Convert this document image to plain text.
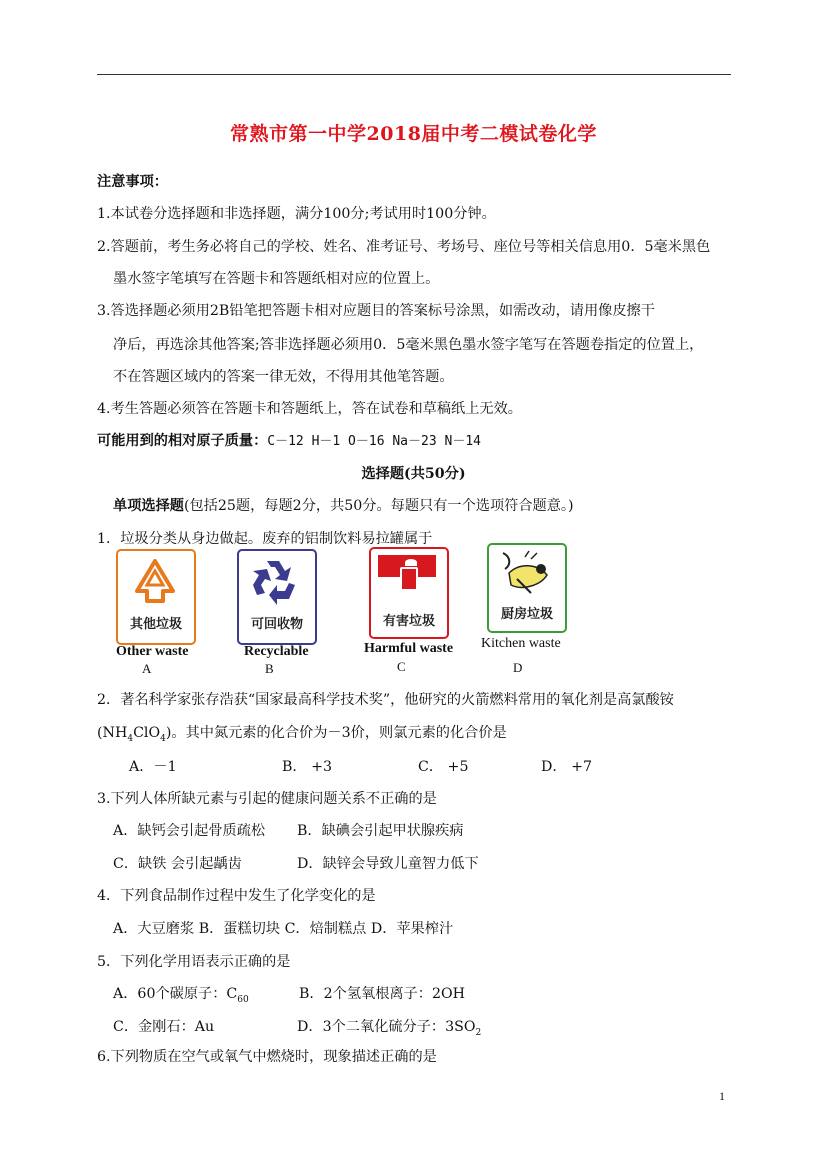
常熟市第一中学2018届中考二模试卷化学
注意事项：
1.本试卷分选择题和非选择题，满分100分;考试用时100分钟。
2.答题前，考生务必将自己的学校、姓名、准考证号、考场号、座位号等相关信息用0．5毫米黑色
墨水签字笔填写在答题卡和答题纸相对应的位置上。
3.答选择题必须用2B铅笔把答题卡相对应题目的答案标号涂黑，如需改动，请用像皮擦干
净后，再选涂其他答案;答非选择题必须用0．5毫米黑色墨水签字笔写在答题卷指定的位置上，
不在答题区域内的答案一律无效，不得用其他笔答题。
4.考生答题必须答在答题卡和答题纸上，答在试卷和草稿纸上无效。
可能用到的相对原子质量：C－12 H－1 O－16 Na－23 N－14
选择题(共50分)
单项选择题(包括25题，每题2分，共50分。每题只有一个选项符合题意。)
1．垃圾分类从身边做起。废弃的铝制饮料易拉罐属于
其他垃圾
Other waste
A
可回收物
Recyclable
B
有害垃圾
Harmful waste
C
厨房垃圾
Kitchen waste
D
2．著名科学家张存浩获“国家最高科学技术奖”，他研究的火箭燃料常用的氧化剂是高氯酸铵
$(NH_4ClO_4)$。其中氮元素的化合价为－3价，则氯元素的化合价是
A．－1	B． +3	C． +5	D． +7
3.下列人体所缺元素与引起的健康问题关系不正确的是
A．缺钙会引起骨质疏松 B．缺碘会引起甲状腺疾病
C．缺铁 会引起龋齿	D．缺锌会导致儿童智力低下
4．下列食品制作过程中发生了化学变化的是
A．大豆磨浆 B．蛋糕切块 C．焙制糕点 D．苹果榨汁
5．下列化学用语表示正确的是
A．60个碳原子：$C_{60}$	B．2个氢氧根离子：2OH
C．金刚石：Au	D．3个二氧化硫分子：$3SO_2$
6.下列物质在空气或氧气中燃烧时，现象描述正确的是
1
